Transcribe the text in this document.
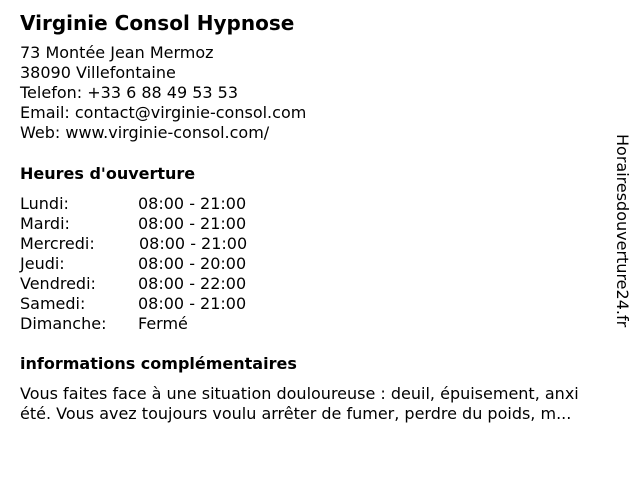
Virginie Consol Hypnose
73 Montée Jean Mermoz
38090 Villefontaine
Telefon: +33 6 88 49 53 53
Email: contact@virginie-consol.com
Web: www.virginie-consol.com/
Heures d'ouverture
Lundi:	08:00 - 21:00
Mardi:	08:00 - 21:00
Mercredi:	08:00 - 21:00
Jeudi:	08:00 - 20:00
Vendredi:	08:00 - 22:00
Samedi:	08:00 - 21:00
Dimanche: Fermé
informations complémentaires
Vous faites face à une situation douloureuse : deuil, épuisement, anxi
été. Vous avez toujours voulu arrêter de fumer, perdre du poids, m...
Horairesdouverture24.fr
